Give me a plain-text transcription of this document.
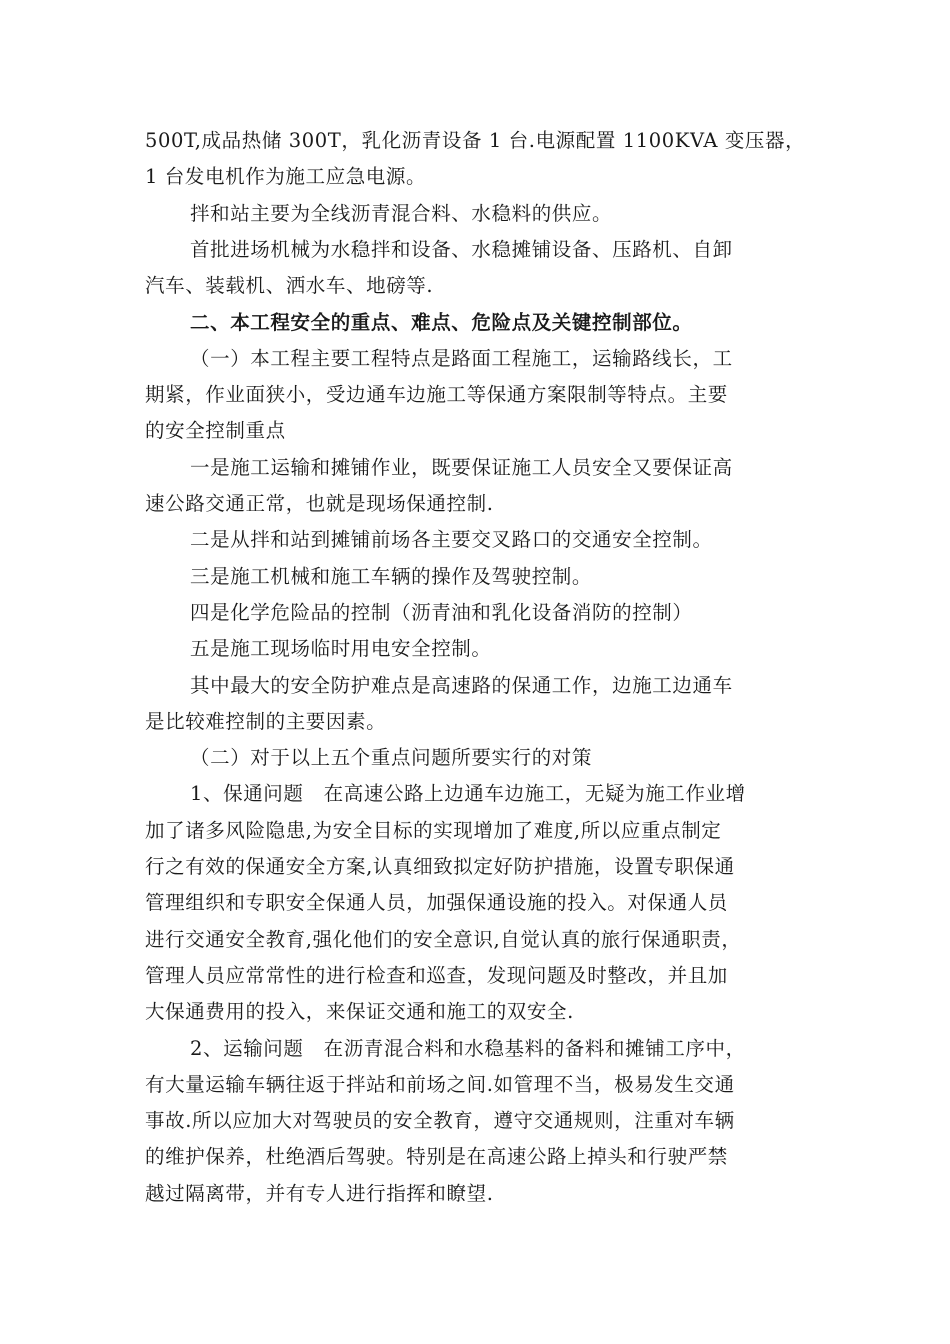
500T,成品热储 300T，乳化沥青设备 1 台.电源配置 1100KVA 变压器，
1 台发电机作为施工应急电源。
拌和站主要为全线沥青混合料、水稳料的供应。
首批进场机械为水稳拌和设备、水稳摊铺设备、压路机、自卸
汽车、装载机、洒水车、地磅等.
二、本工程安全的重点、难点、危险点及关键控制部位。
（一）本工程主要工程特点是路面工程施工，运输路线长，工
期紧，作业面狭小，受边通车边施工等保通方案限制等特点。主要
的安全控制重点
一是施工运输和摊铺作业，既要保证施工人员安全又要保证高
速公路交通正常，也就是现场保通控制.
二是从拌和站到摊铺前场各主要交叉路口的交通安全控制。
三是施工机械和施工车辆的操作及驾驶控制。
四是化学危险品的控制（沥青油和乳化设备消防的控制）
五是施工现场临时用电安全控制。
其中最大的安全防护难点是高速路的保通工作，边施工边通车
是比较难控制的主要因素。
（二）对于以上五个重点问题所要实行的对策
1、保通问题　在高速公路上边通车边施工，无疑为施工作业增
加了诸多风险隐患,为安全目标的实现增加了难度,所以应重点制定
行之有效的保通安全方案,认真细致拟定好防护措施，设置专职保通
管理组织和专职安全保通人员，加强保通设施的投入。对保通人员
进行交通安全教育,强化他们的安全意识,自觉认真的旅行保通职责，
管理人员应常常性的进行检查和巡查，发现问题及时整改，并且加
大保通费用的投入，来保证交通和施工的双安全.
2、运输问题　在沥青混合料和水稳基料的备料和摊铺工序中，
有大量运输车辆往返于拌站和前场之间.如管理不当，极易发生交通
事故.所以应加大对驾驶员的安全教育，遵守交通规则，注重对车辆
的维护保养，杜绝酒后驾驶。特别是在高速公路上掉头和行驶严禁
越过隔离带，并有专人进行指挥和瞭望.
